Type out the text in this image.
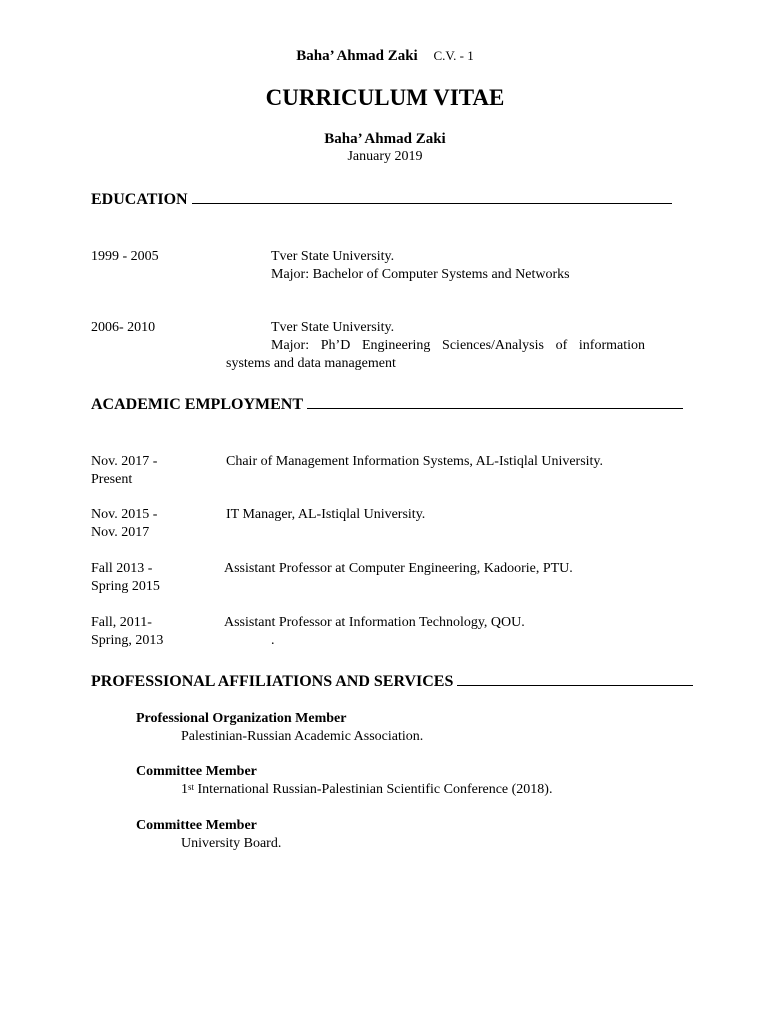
Baha’ Ahmad Zaki C.V. - 1
CURRICULUM VITAE
Baha’ Ahmad Zaki
January 2019
EDUCATION
1999 - 2005	Tver State University.
Major: Bachelor of Computer Systems and Networks
2006- 2010	Tver State University.
Major: Ph’D Engineering Sciences/Analysis of information
systems and data management
ACADEMIC EMPLOYMENT
Nov. 2017 -
Present
Chair of Management Information Systems, AL-Istiqlal University.
Nov. 2015 -
Nov. 2017
IT Manager, AL-Istiqlal University.
Fall 2013 -
Spring 2015
Assistant Professor at Computer Engineering, Kadoorie, PTU.
Fall, 2011-
Spring, 2013
Assistant Professor at Information Technology, QOU.
.
PROFESSIONAL AFFILIATIONS AND SERVICES
Professional Organization Member
Palestinian-Russian Academic Association.
Committee Member
1st International Russian-Palestinian Scientific Conference (2018).
Committee Member
University Board.
